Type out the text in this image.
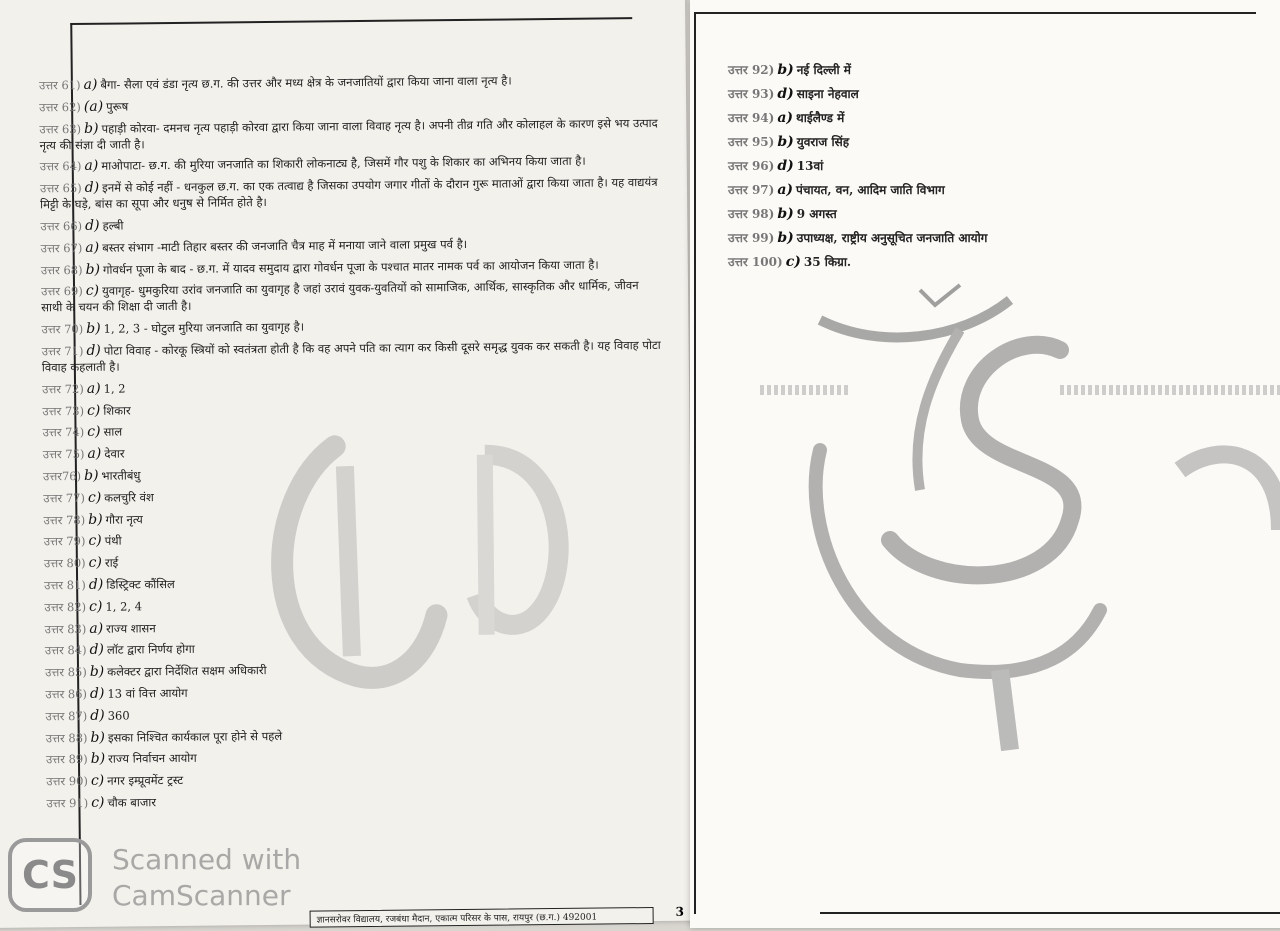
उत्तर 61) a) बैगा- सैला एवं डंडा नृत्य छ.ग. की उत्तर और मध्य क्षेत्र के जनजातियों द्वारा किया जाना वाला नृत्य है।
उत्तर 62) (a) पुरूष
उत्तर 63) b) पहाड़ी कोरवा- दमनच नृत्य पहाड़ी कोरवा द्वारा किया जाना वाला विवाह नृत्य है। अपनी तीव्र गति और कोलाहल के कारण इसे भय उत्पाद नृत्य की संज्ञा दी जाती है।
उत्तर 64) a) माओपाटा- छ.ग. की मुरिया जनजाति का शिकारी लोकनाट्य है, जिसमें गौर पशु के शिकार का अभिनय किया जाता है।
उत्तर 65) d) इनमें से कोई नहीं - धनकुल छ.ग. का एक तत्वाद्य है जिसका उपयोग जगार गीतों के दौरान गुरू माताओं द्वारा किया जाता है। यह वाद्ययंत्र मिट्टी के घड़े, बांस का सूपा और धनुष से निर्मित होते है।
उत्तर 66) d) हल्बी
उत्तर 67) a) बस्तर संभाग -माटी तिहार बस्तर की जनजाति चैत्र माह में मनाया जाने वाला प्रमुख पर्व है।
उत्तर 68) b) गोवर्धन पूजा के बाद - छ.ग. में यादव समुदाय द्वारा गोवर्धन पूजा के पश्चात मातर नामक पर्व का आयोजन किया जाता है।
उत्तर 69) c) युवागृह- धुमकुरिया उरांव जनजाति का युवागृह है जहां उरावं युवक-युवतियों को सामाजिक, आर्थिक, सास्कृतिक और धार्मिक, जीवन साथी के चयन की शिक्षा दी जाती है।
उत्तर 70) b) 1, 2, 3 - घोटुल मुरिया जनजाति का युवागृह है।
उत्तर 71) d) पोटा विवाह - कोरकू स्त्रियों को स्वतंत्रता होती है कि वह अपने पति का त्याग कर किसी दूसरे समृद्ध युवक कर सकती है। यह विवाह पोटा विवाह कहलाती है।
उत्तर 72) a) 1, 2
उत्तर 73) c) शिकार
उत्तर 74) c) साल
उत्तर 75) a) देवार
उत्तर76) b) भारतीबंधु
उत्तर 77) c) कलचुरि वंश
उत्तर 78) b) गौरा नृत्य
उत्तर 79) c) पंथी
उत्तर 80) c) राई
उत्तर 81) d) डिस्ट्रिक्ट कौंसिल
उत्तर 82) c) 1, 2, 4
उत्तर 83) a) राज्य शासन
उत्तर 84) d) लॉट द्वारा निर्णय होगा
उत्तर 85) b) कलेक्टर द्वारा निर्देशित सक्षम अधिकारी
उत्तर 86) d) 13 वां वित्त आयोग
उत्तर 87) d) 360
उत्तर 88) b) इसका निश्चित कार्यकाल पूरा होने से पहले
उत्तर 89) b) राज्य निर्वाचन आयोग
उत्तर 90) c) नगर इम्प्रूवमेंट ट्रस्ट
उत्तर 91) c) चौक बाजार
ज्ञानसरोवर विद्यालय, रजबंधा मैदान, एकात्म परिसर के पास, रायपुर (छ.ग.) 492001
3
उत्तर 92) b) नई दिल्ली में
उत्तर 93) d) साइना नेहवाल
उत्तर 94) a) थाईलैण्ड में
उत्तर 95) b) युवराज सिंह
उत्तर 96) d) 13वां
उत्तर 97) a) पंचायत, वन, आदिम जाति विभाग
उत्तर 98) b) 9 अगस्त
उत्तर 99) b) उपाध्यक्ष, राष्ट्रीय अनुसूचित जनजाति आयोग
उत्तर 100) c) 35 किग्रा.
CS	Scanned with
CamScanner
